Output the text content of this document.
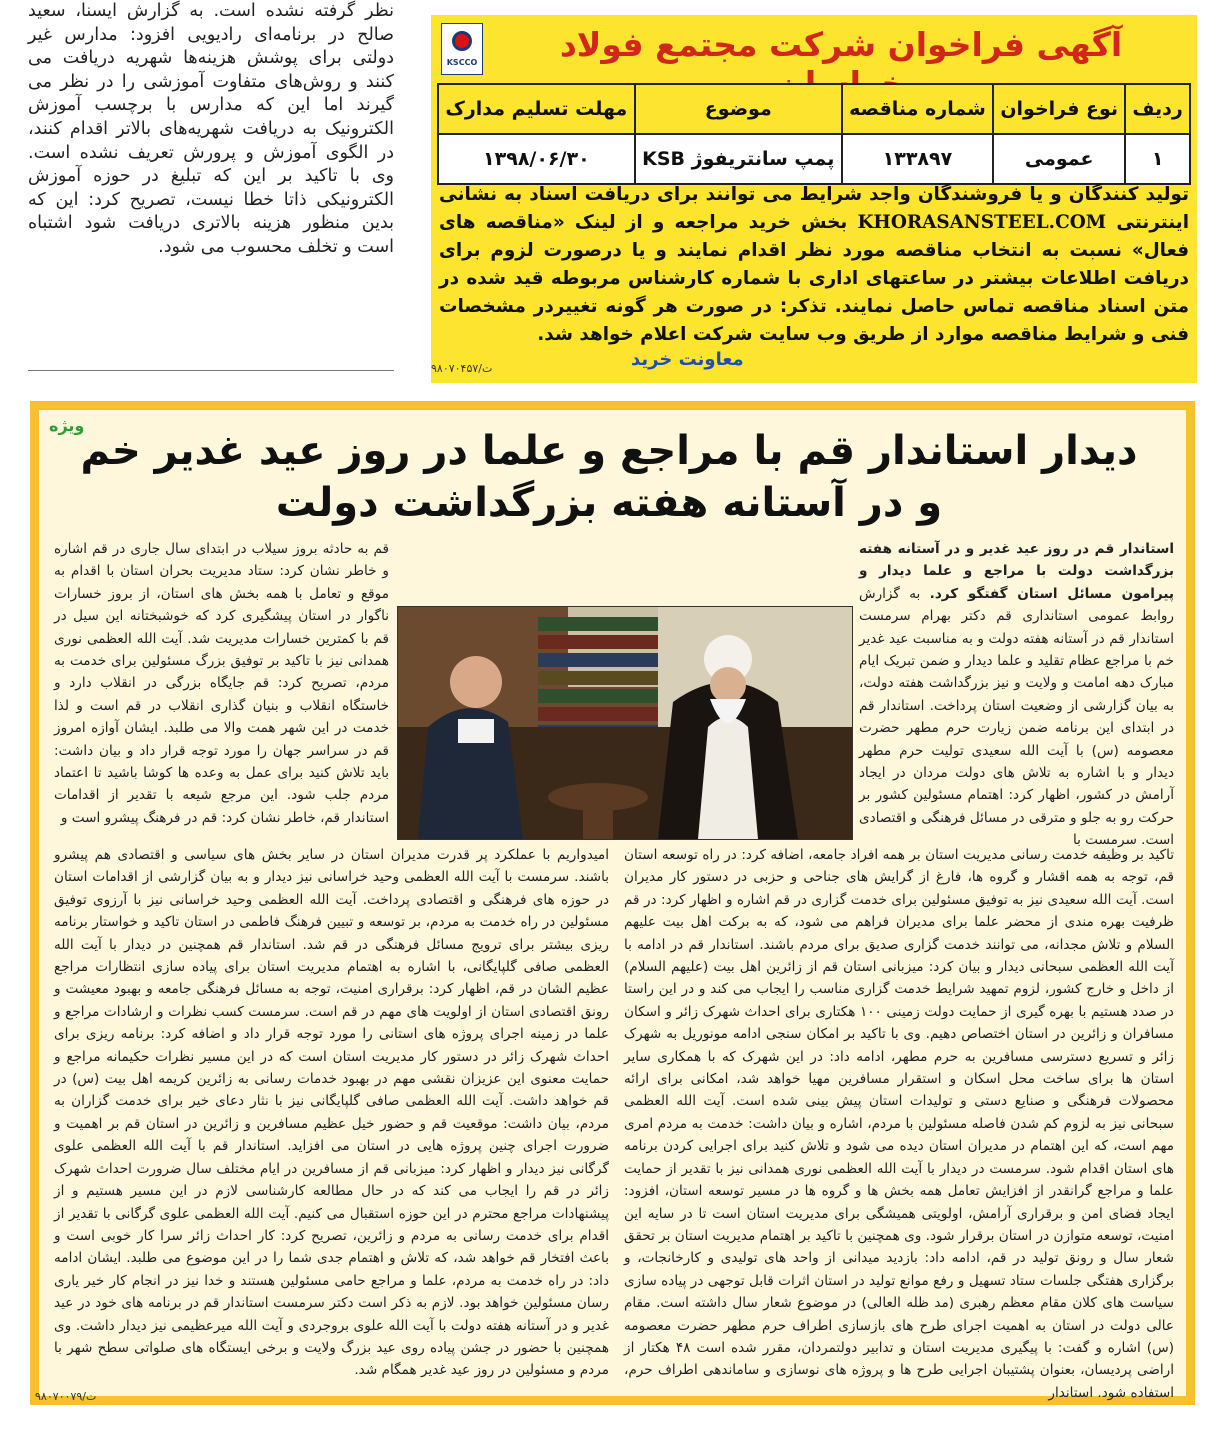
نظر گرفته نشده است. به گزارش ایسنا، سعید صالح در برنامه‌ای رادیویی افزود: مدارس غیر دولتی برای پوشش هزینه‌ها شهریه دریافت می کنند و روش‌های متفاوت آموزشی را در نظر می گیرند اما این که مدارس با برچسب آموزش الکترونیک به دریافت شهریه‌های بالاتر اقدام کنند، در الگوی آموزش و پرورش تعریف نشده است. وی با تاکید بر این که تبلیغ در حوزه آموزش الکترونیکی ذاتا خطا نیست، تصریح کرد: این که بدین منظور هزینه بالاتری دریافت شود اشتباه است و تخلف محسوب می شود.
KSCCO	آگهی فراخوان شرکت مجتمع فولاد
ردیف	نوع فراخوان	شماره مناقصه	موضوع	مهلت تسلیم مدارک
۱	عمومی	۱۳۳۸۹۷	پمپ سانتریفوژ KSB	۱۳۹۸/۰۶/۳۰
تولید کنندگان و یا فروشندگان واجد شرایط می توانند برای دریافت اسناد به نشانی اینترنتی KHORASANSTEEL.COM بخش خرید مراجعه و از لینک «مناقصه های فعال» نسبت به انتخاب مناقصه مورد نظر اقدام نمایند و یا درصورت لزوم برای دریافت اطلاعات بیشتر در ساعتهای اداری با شماره کارشناس مربوطه قید شده در متن اسناد مناقصه تماس حاصل نمایند. تذکر: در صورت هر گونه تغییردر مشخصات فنی و شرایط مناقصه موارد از طریق وب سایت شرکت اعلام خواهد شد.
معاونت خرید
۹۸۰۷۰۴۵۷/ت
ویژه
دیدار استاندار قم با مراجع و علما در روز عید غدیر خم
و در آستانه هفته بزرگداشت دولت
استاندار قم در روز عید غدیر و در آستانه هفته بزرگداشت دولت با مراجع و علما دیدار و پیرامون مسائل استان گفتگو کرد. به گزارش روابط عمومی استانداری قم دکتر بهرام سرمست استاندار قم در آستانه هفته دولت و به مناسبت عید غدیر خم با مراجع عظام تقلید و علما دیدار و ضمن تبریک ایام مبارک دهه امامت و ولایت و نیز بزرگداشت هفته دولت، به بیان گزارشی از وضعیت استان پرداخت. استاندار قم در ابتدای این برنامه ضمن زیارت حرم مطهر حضرت معصومه (س) با آیت الله سعیدی تولیت حرم مطهر دیدار و با اشاره به تلاش های دولت مردان در ایجاد آرامش در کشور، اظهار کرد: اهتمام مسئولین کشور بر حرکت رو به جلو و مترقی در مسائل فرهنگی و اقتصادی است. سرمست با
قم به حادثه بروز سیلاب در ابتدای سال جاری در قم اشاره و خاطر نشان کرد: ستاد مدیریت بحران استان با اقدام به موقع و تعامل با همه بخش های استان، از بروز خسارات ناگوار در استان پیشگیری کرد که خوشبختانه این سیل در قم با کمترین خسارات مدیریت شد. آیت الله العظمی نوری همدانی نیز با تاکید بر توفیق بزرگ مسئولین برای خدمت به مردم، تصریح کرد: قم جایگاه بزرگی در انقلاب دارد و خاستگاه انقلاب و بنیان گذاری انقلاب در قم است و لذا خدمت در این شهر همت والا می طلبد. ایشان آوازه امروز قم در سراسر جهان را مورد توجه قرار داد و بیان داشت: باید تلاش کنید برای عمل به وعده ها کوشا باشید تا اعتماد مردم جلب شود. این مرجع شیعه با تقدیر از اقدامات استاندار قم، خاطر نشان کرد: قم در فرهنگ پیشرو است و
تاکید بر وظیفه خدمت رسانی مدیریت استان بر همه افراد جامعه، اضافه کرد: در راه توسعه استان قم، توجه به همه اقشار و گروه ها، فارغ از گرایش های جناحی و حزبی در دستور کار مدیران است. آیت الله سعیدی نیز به توفیق مسئولین برای خدمت گزاری در قم اشاره و اظهار کرد: در قم ظرفیت بهره مندی از محضر علما برای مدیران فراهم می شود، که به برکت اهل بیت علیهم السلام و تلاش مجدانه، می توانند خدمت گزاری صدیق برای مردم باشند. استاندار قم در ادامه با آیت الله العظمی سبحانی دیدار و بیان کرد: میزبانی استان قم از زائرین اهل بیت (علیهم السلام) از داخل و خارج کشور، لزوم تمهید شرایط خدمت گزاری مناسب را ایجاب می کند و در این راستا در صدد هستیم با بهره گیری از حمایت دولت زمینی ۱۰۰ هکتاری برای احداث شهرک زائر و اسکان مسافران و زائرین در استان اختصاص دهیم. وی با تاکید بر امکان سنجی ادامه مونوریل به شهرک زائر و تسریع دسترسی مسافرین به حرم مطهر، ادامه داد: در این شهرک که با همکاری سایر استان ها برای ساخت محل اسکان و استقرار مسافرین مهیا خواهد شد، امکانی برای ارائه محصولات فرهنگی و صنایع دستی و تولیدات استان پیش بینی شده است. آیت الله العظمی سبحانی نیز به لزوم کم شدن فاصله مسئولین با مردم، اشاره و بیان داشت: خدمت به مردم امری مهم است، که این اهتمام در مدیران استان دیده می شود و تلاش کنید برای اجرایی کردن برنامه های استان اقدام شود. سرمست در دیدار با آیت الله العظمی نوری همدانی نیز با تقدیر از حمایت علما و مراجع گرانقدر از افزایش تعامل همه بخش ها و گروه ها در مسیر توسعه استان، افزود: ایجاد فضای امن و برقراری آرامش، اولویتی همیشگی برای مدیریت استان است تا در سایه این امنیت، توسعه متوازن در استان برقرار شود. وی همچنین با تاکید بر اهتمام مدیریت استان بر تحقق شعار سال و رونق تولید در قم، ادامه داد: بازدید میدانی از واحد های تولیدی و کارخانجات، و برگزاری هفتگی جلسات ستاد تسهیل و رفع موانع تولید در استان اثرات قابل توجهی در پیاده سازی سیاست های کلان مقام معظم رهبری (مد ظله العالی) در موضوع شعار سال داشته است. مقام عالی دولت در استان به اهمیت اجرای طرح های بازسازی اطراف حرم مطهر حضرت معصومه (س) اشاره و گفت: با پیگیری مدیریت استان و تدابیر دولتمردان، مقرر شده است ۴۸ هکتار از اراضی پردیسان، بعنوان پشتیبان اجرایی طرح ها و پروژه های نوسازی و ساماندهی اطراف حرم، استفاده شود. استاندار
امیدواریم با عملکرد پر قدرت مدیران استان در سایر بخش های سیاسی و اقتصادی هم پیشرو باشند. سرمست با آیت الله العظمی وحید خراسانی نیز دیدار و به بیان گزارشی از اقدامات استان در حوزه های فرهنگی و اقتصادی پرداخت. آیت الله العظمی وحید خراسانی نیز با آرزوی توفیق مسئولین در راه خدمت به مردم، بر توسعه و تبیین فرهنگ فاطمی در استان تاکید و خواستار برنامه ریزی بیشتر برای ترویج مسائل فرهنگی در قم شد. استاندار قم همچنین در دیدار با آیت الله العظمی صافی گلپایگانی، با اشاره به اهتمام مدیریت استان برای پیاده سازی انتظارات مراجع عظیم الشان در قم، اظهار کرد: برقراری امنیت، توجه به مسائل فرهنگی جامعه و بهبود معیشت و رونق اقتصادی استان از اولویت های مهم در قم است. سرمست کسب نظرات و ارشادات مراجع و علما در زمینه اجرای پروژه های استانی را مورد توجه قرار داد و اضافه کرد: برنامه ریزی برای احداث شهرک زائر در دستور کار مدیریت استان است که در این مسیر نظرات حکیمانه مراجع و حمایت معنوی این عزیزان نقشی مهم در بهبود خدمات رسانی به زائرین کریمه اهل بیت (س) در قم خواهد داشت. آیت الله العظمی صافی گلپایگانی نیز با نثار دعای خیر برای خدمت گزاران به مردم، بیان داشت: موقعیت قم و حضور خیل عظیم مسافرین و زائرین در استان قم بر اهمیت و ضرورت اجرای چنین پروژه هایی در استان می افزاید. استاندار قم با آیت الله العظمی علوی گرگانی نیز دیدار و اظهار کرد: میزبانی قم از مسافرین در ایام مختلف سال ضرورت احداث شهرک زائر در قم را ایجاب می کند که در حال مطالعه کارشناسی لازم در این مسیر هستیم و از پیشنهادات مراجع محترم در این حوزه استقبال می کنیم. آیت الله العظمی علوی گرگانی با تقدیر از اقدام برای خدمت رسانی به مردم و زائرین، تصریح کرد: کار احداث زائر سرا کار خوبی است و باعث افتخار قم خواهد شد، که تلاش و اهتمام جدی شما را در این موضوع می طلبد. ایشان ادامه داد: در راه خدمت به مردم، علما و مراجع حامی مسئولین هستند و خدا نیز در انجام کار خیر یاری رسان مسئولین خواهد بود. لازم به ذکر است دکتر سرمست استاندار قم در برنامه های خود در عید غدیر و در آستانه هفته دولت با آیت الله علوی بروجردی و آیت الله میرعظیمی نیز دیدار داشت. وی همچنین با حضور در جشن پیاده روی عید بزرگ ولایت و برخی ایستگاه های صلواتی سطح شهر با مردم و مسئولین در روز عید غدیر همگام شد.
۹۸۰۷۰۰۷۹/ت
